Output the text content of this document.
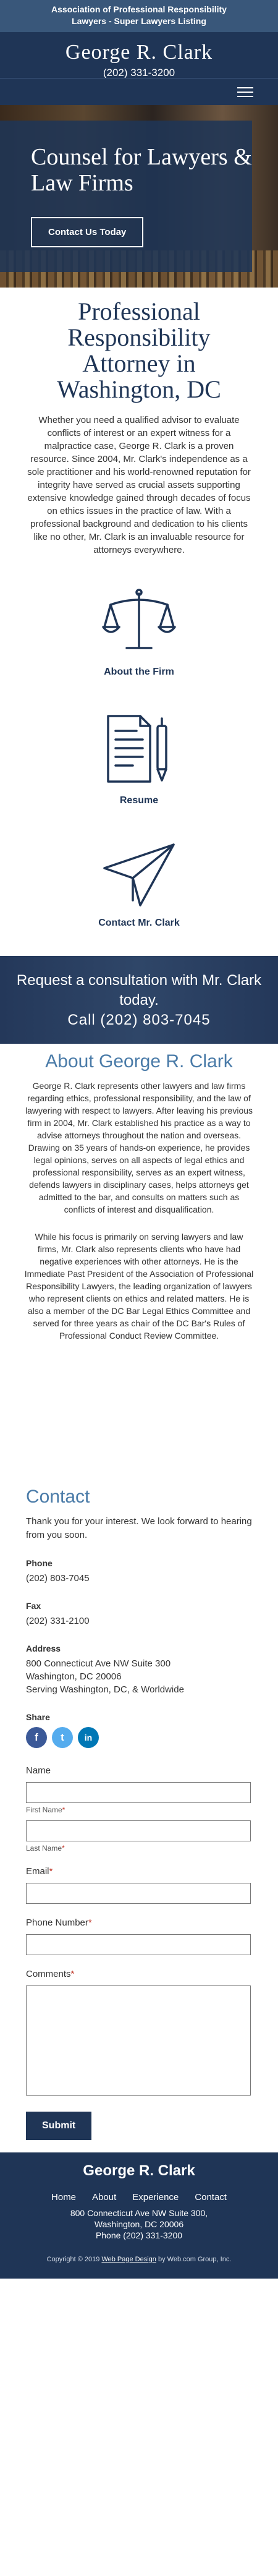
Association of Professional Responsibility
Lawyers - Super Lawyers Listing
George R. Clark
(202) 331-3200
Counsel for Lawyers & Law Firms
Contact Us Today
Professional Responsibility Attorney in Washington, DC

Whether you need a qualified advisor to evaluate conflicts of interest or an expert witness for a malpractice case, George R. Clark is a proven resource. Since 2004, Mr. Clark's independence as a sole practitioner and his world-renowned reputation for integrity have served as crucial assets supporting extensive knowledge gained through decades of focus on ethics issues in the practice of law. With a professional background and dedication to his clients like no other, Mr. Clark is an invaluable resource for attorneys everywhere.

About the Firm
Resume
Contact Mr. Clark
Request a consultation with Mr. Clark today.
Call (202) 803-7045
About George R. Clark

George R. Clark represents other lawyers and law firms regarding ethics, professional responsibility, and the law of lawyering with respect to lawyers. After leaving his previous firm in 2004, Mr. Clark established his practice as a way to advise attorneys throughout the nation and overseas. Drawing on 35 years of hands-on experience, he provides legal opinions, serves on all aspects of legal ethics and professional responsibility, serves as an expert witness, defends lawyers in disciplinary cases, helps attorneys get admitted to the bar, and consults on matters such as conflicts of interest and disqualification.

While his focus is primarily on serving lawyers and law firms, Mr. Clark also represents clients who have had negative experiences with other attorneys. He is the Immediate Past President of the Association of Professional Responsibility Lawyers, the leading organization of lawyers who represent clients on ethics and related matters. He is also a member of the DC Bar Legal Ethics Committee and served for three years as chair of the DC Bar's Rules of Professional Conduct Review Committee.

Contact
Thank you for your interest. We look forward to hearing from you soon.
Phone
(202) 803-7045
Fax
(202) 331-2100
Address
800 Connecticut Ave NW Suite 300
Washington, DC 20006
Serving Washington, DC, & Worldwide
Share
f	t	in
Name
First Name*
Last Name*
Email*
Phone Number*
Comments*
Submit
George R. Clark
Home About Experience Contact
800 Connecticut Ave NW Suite 300,
Washington, DC 20006
Phone (202) 331-3200
Copyright © 2019 Web Page Design by Web.com Group, Inc.
